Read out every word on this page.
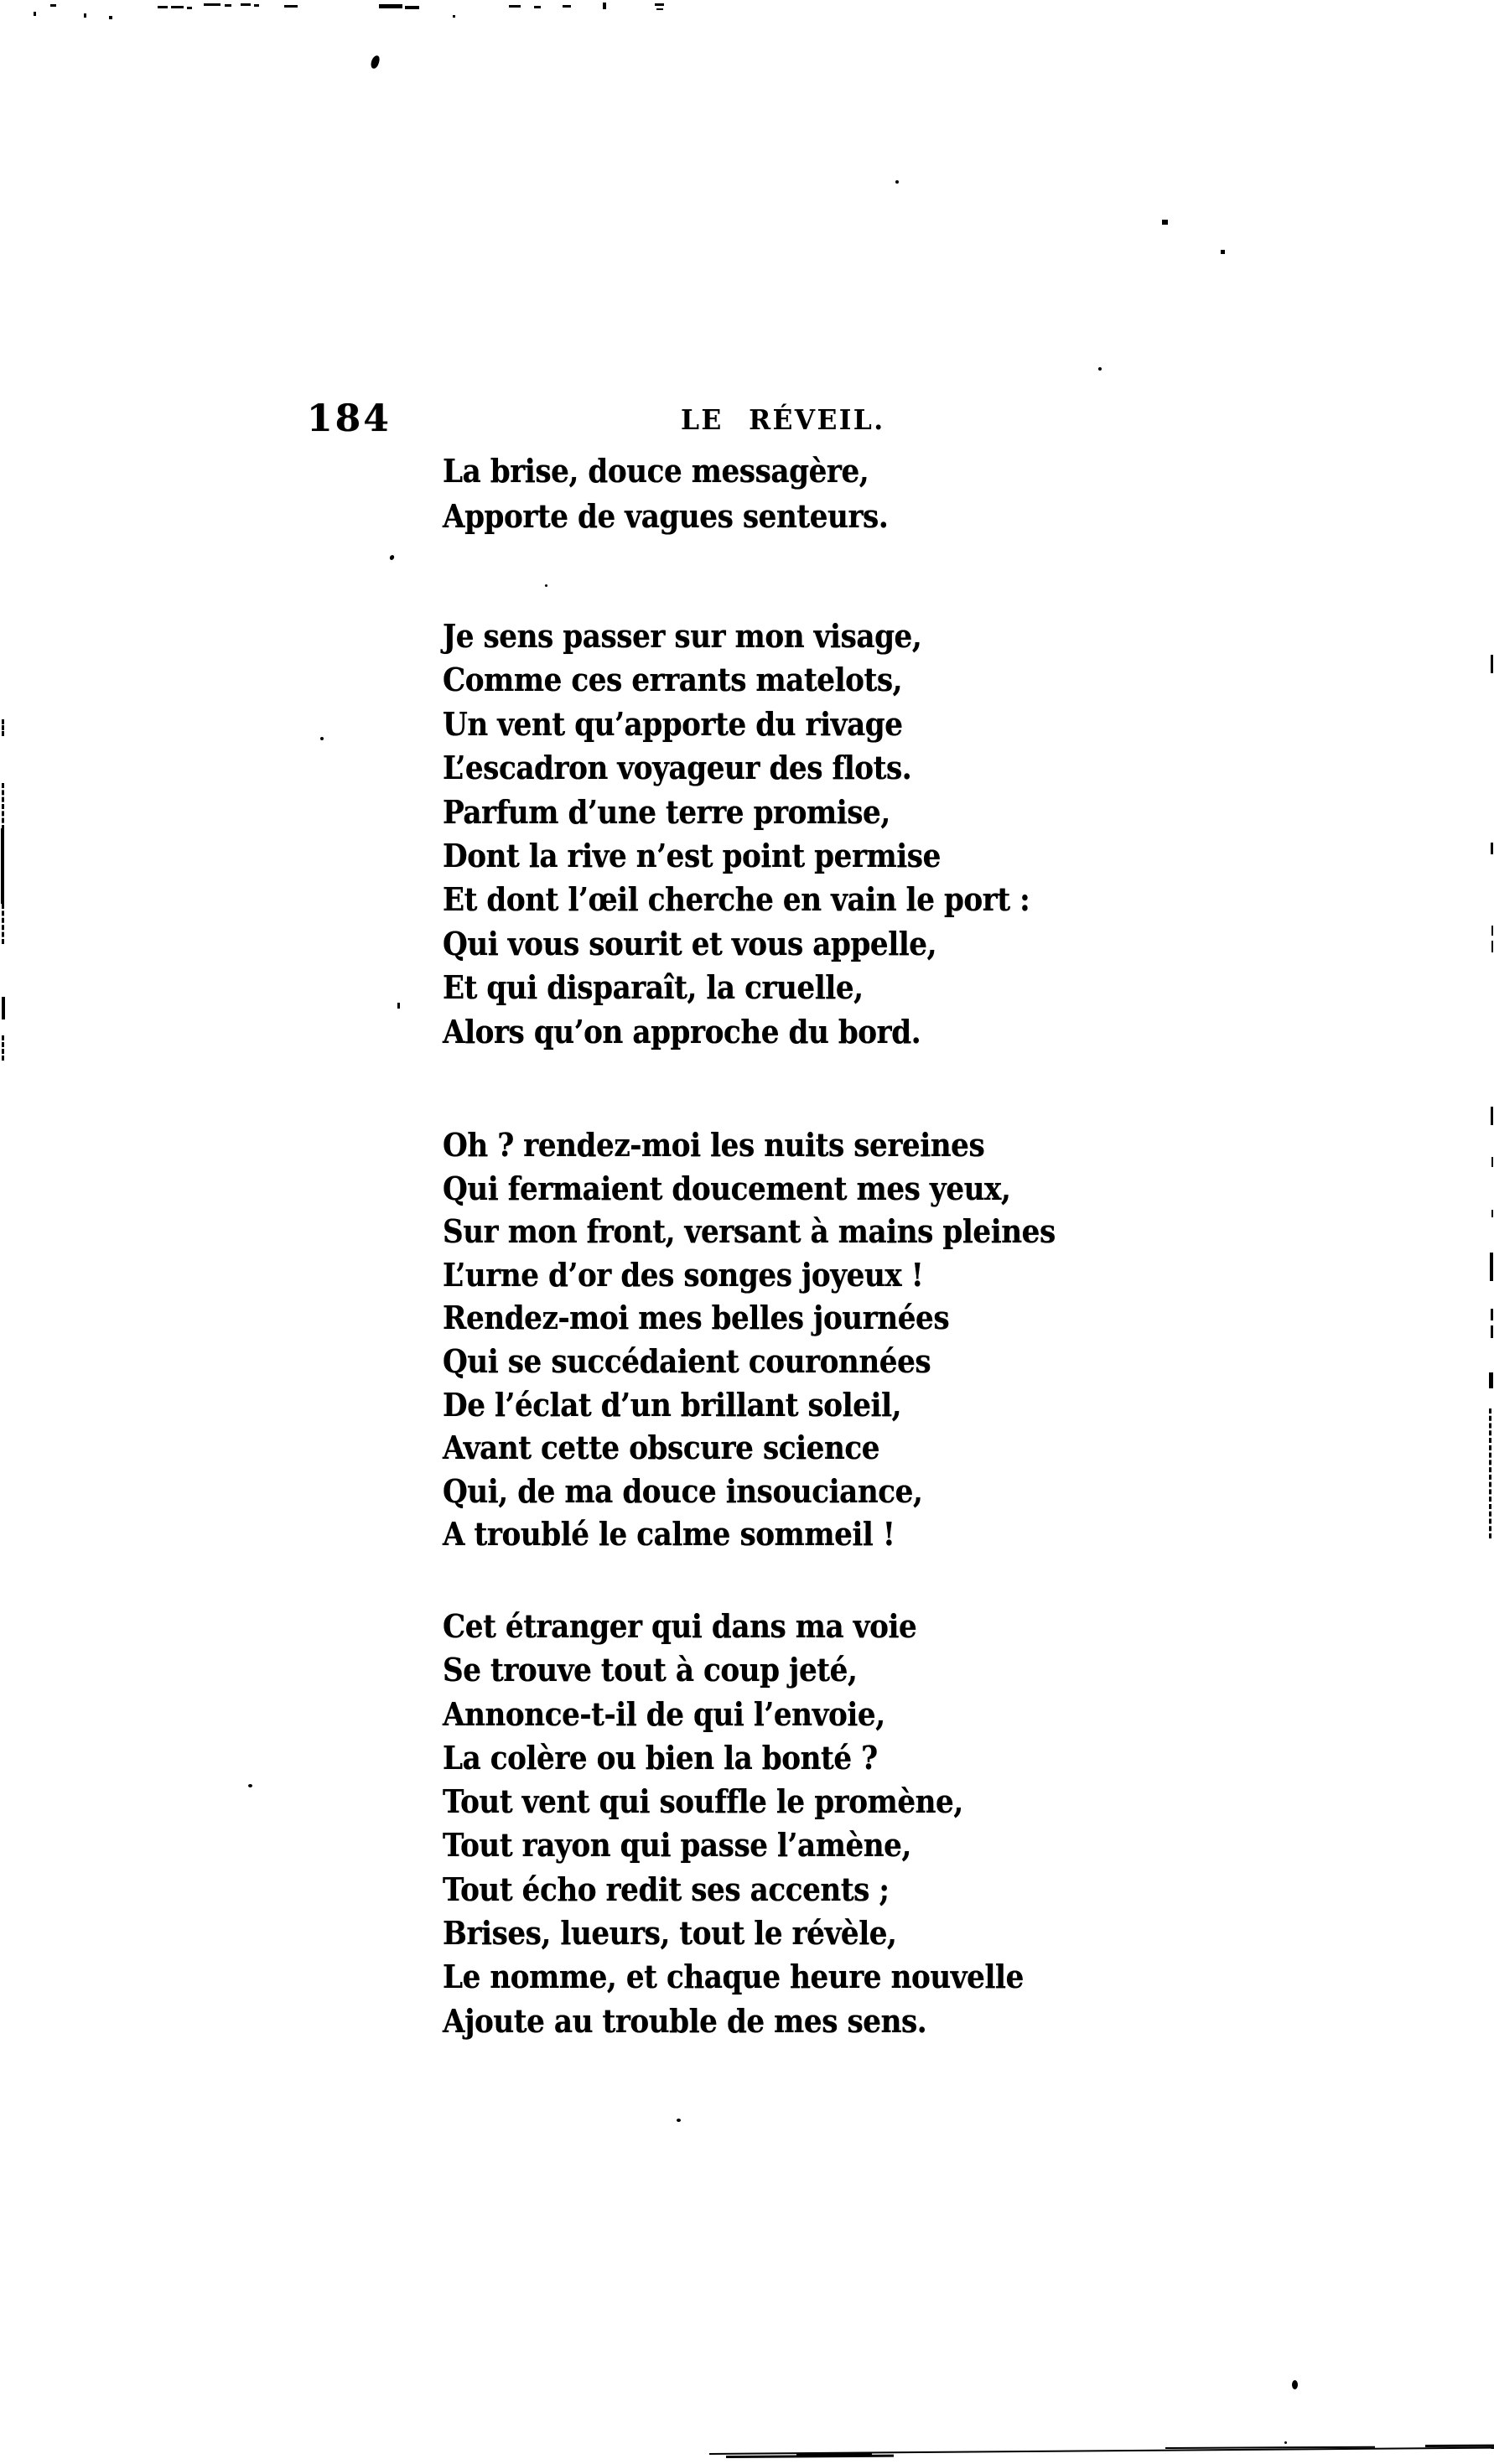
184	LE RÉVEIL.
La brise, douce messagère,
Apporte de vagues senteurs.
Je sens passer sur mon visage,
Comme ces errants matelots,
Un vent qu’apporte du rivage
L’escadron voyageur des flots.
Parfum d’une terre promise,
Dont la rive n’est point permise
Et dont l’œil cherche en vain le port :
Qui vous sourit et vous appelle,
Et qui disparaît, la cruelle,
Alors qu’on approche du bord.
Oh ? rendez-moi les nuits sereines
Qui fermaient doucement mes yeux,
Sur mon front, versant à mains pleines
L’urne d’or des songes joyeux !
Rendez-moi mes belles journées
Qui se succédaient couronnées
De l’éclat d’un brillant soleil,
Avant cette obscure science
Qui, de ma douce insouciance,
A troublé le calme sommeil !
Cet étranger qui dans ma voie
Se trouve tout à coup jeté,
Annonce-t-il de qui l’envoie,
La colère ou bien la bonté ?
Tout vent qui souffle le promène,
Tout rayon qui passe l’amène,
Tout écho redit ses accents ;
Brises, lueurs, tout le révèle,
Le nomme, et chaque heure nouvelle
Ajoute au trouble de mes sens.
